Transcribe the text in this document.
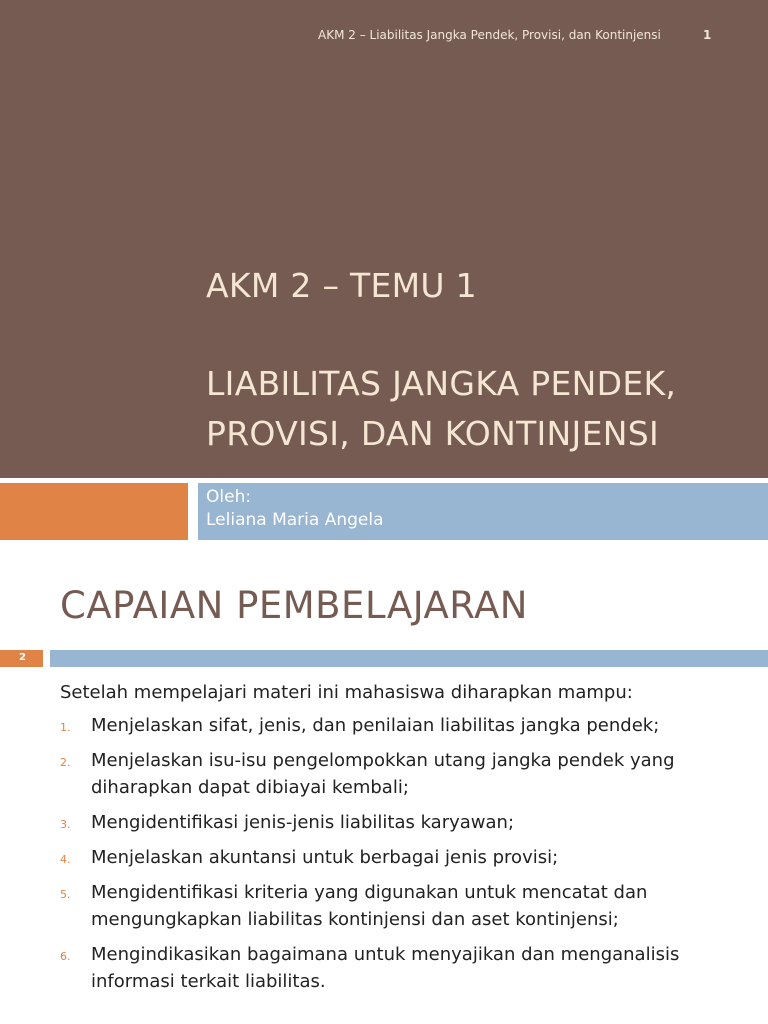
AKM 2 – Liabilitas Jangka Pendek, Provisi, dan Kontinjensi	1
AKM 2 – TEMU 1
LIABILITAS JANGKA PENDEK,
PROVISI, DAN KONTINJENSI
Oleh:
Leliana Maria Angela
CAPAIAN PEMBELAJARAN
2
Setelah mempelajari materi ini mahasiswa diharapkan mampu:
1. Menjelaskan sifat, jenis, dan penilaian liabilitas jangka pendek;
2. Menjelaskan isu-isu pengelompokkan utang jangka pendek yang diharapkan dapat dibiayai kembali;
3. Mengidentifikasi jenis-jenis liabilitas karyawan;
4. Menjelaskan akuntansi untuk berbagai jenis provisi;
5. Mengidentifikasi kriteria yang digunakan untuk mencatat dan mengungkapkan liabilitas kontinjensi dan aset kontinjensi;
6. Mengindikasikan bagaimana untuk menyajikan dan menganalisis informasi terkait liabilitas.
